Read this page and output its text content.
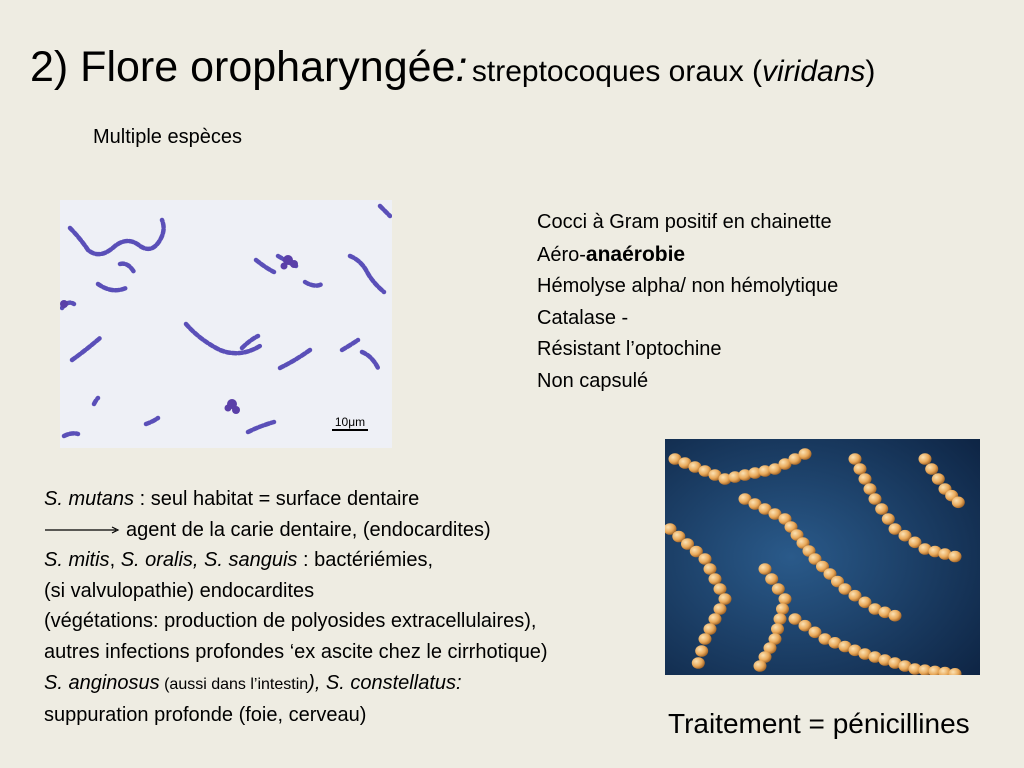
2) Flore oropharyngée: streptocoques oraux (viridans)
Multiple espèces
10μm
Cocci à Gram positif en chainette
Aéro-anaérobie
Hémolyse alpha/ non hémolytique
Catalase -
Résistant l’optochine
Non capsulé
S. mutans : seul habitat = surface dentaire
agent de la carie dentaire, (endocardites)
S. mitis, S. oralis, S. sanguis : bactériémies,
(si valvulopathie) endocardites
(végétations: production de polyosides extracellulaires),
autres infections profondes ‘ex ascite chez le cirrhotique)
S. anginosus (aussi dans l’intestin), S. constellatus:
suppuration profonde (foie, cerveau)	Traitement = pénicillines
